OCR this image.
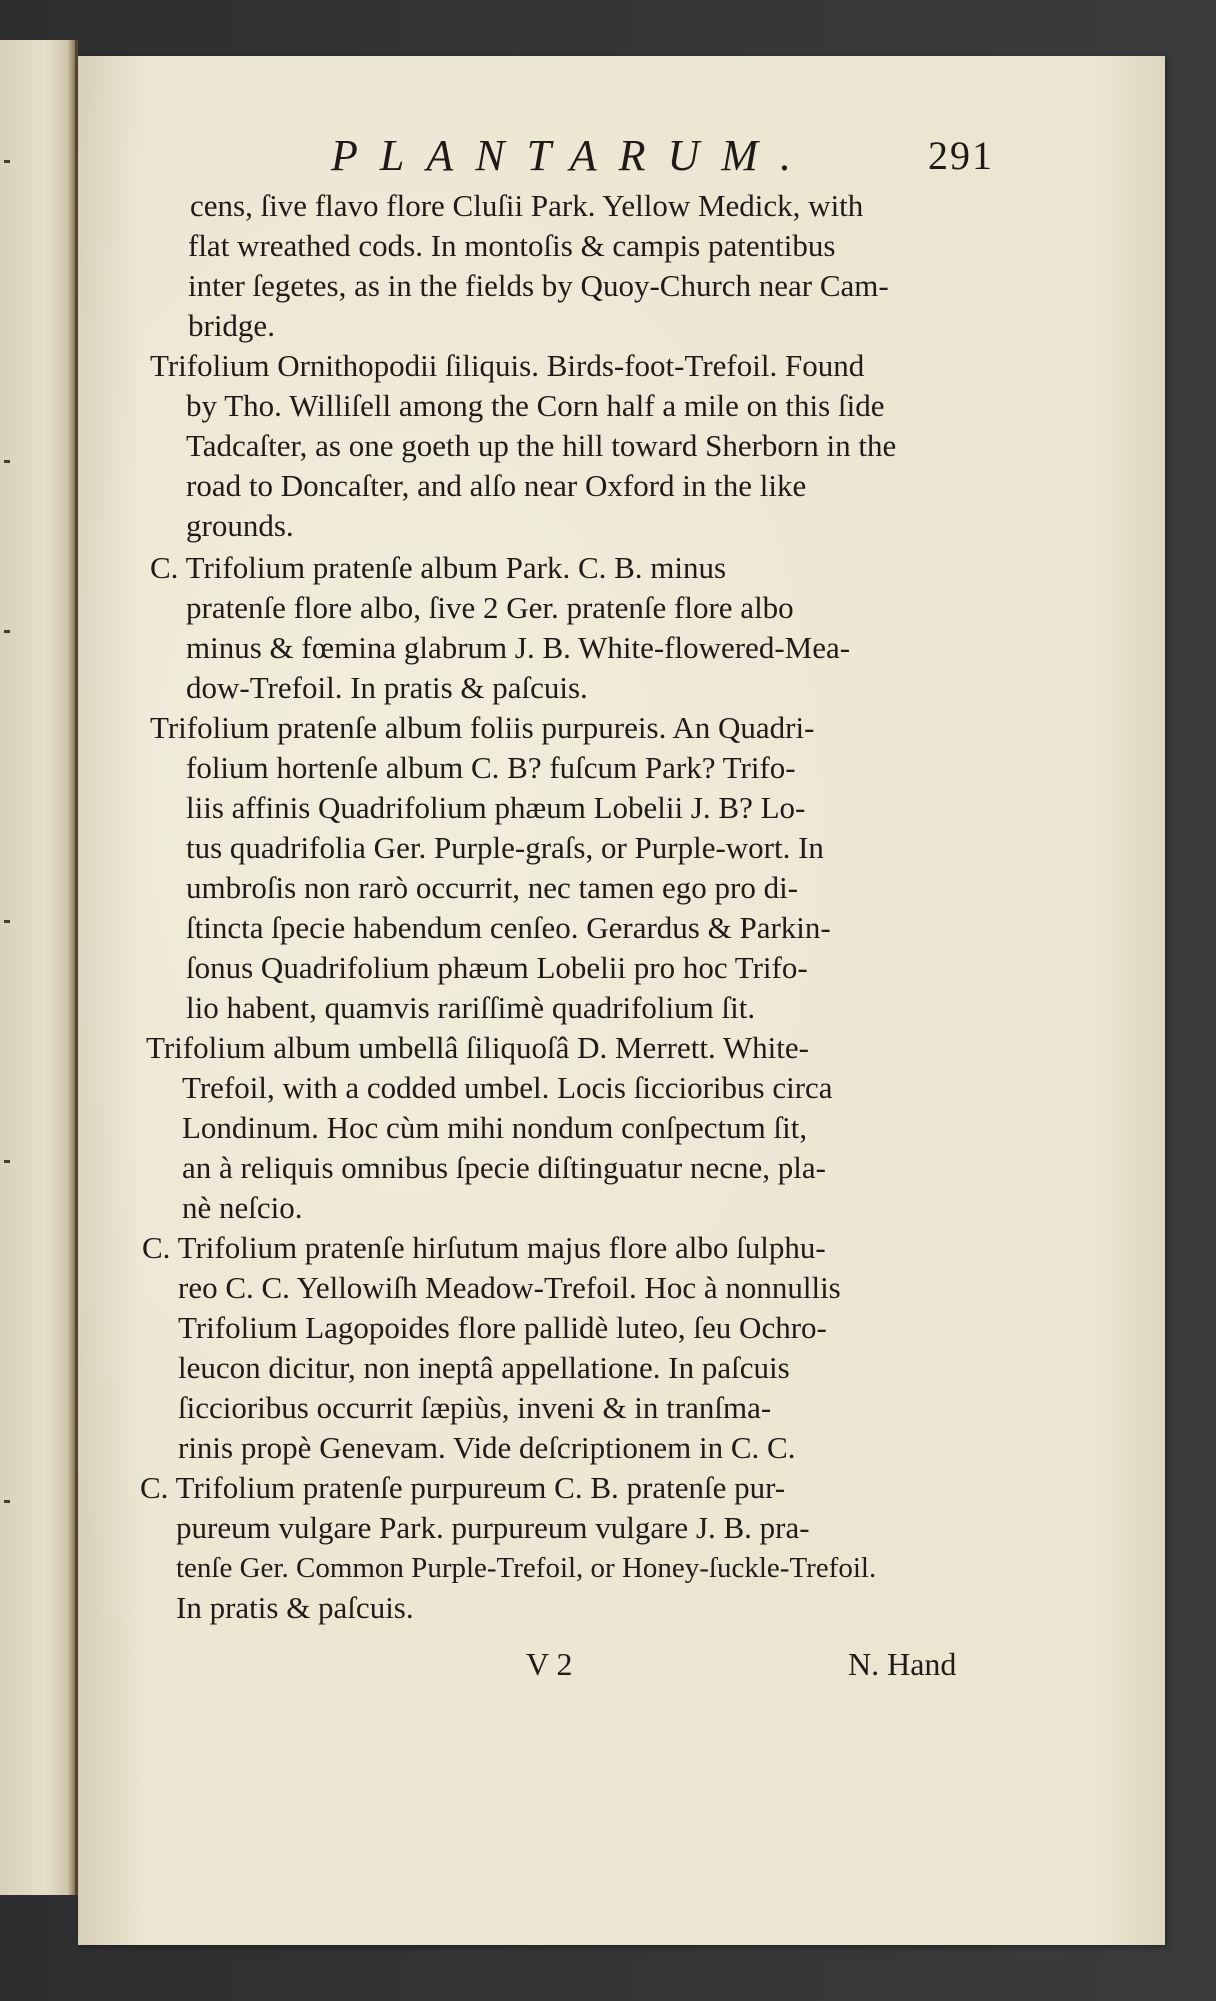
PLANTARUM.	291
cens, ſive flavo flore Cluſii Park. Yellow Medick, with
flat wreathed cods. In montoſis & campis patentibus
inter ſegetes, as in the fields by Quoy-Church near Cam-
bridge.
Trifolium Ornithopodii ſiliquis. Birds-foot-Trefoil. Found
by Tho. Williſell among the Corn half a mile on this ſide
Tadcaſter, as one goeth up the hill toward Sherborn in the
road to Doncaſter, and alſo near Oxford in the like
grounds.
C. Trifolium pratenſe album Park. C. B. minus
pratenſe flore albo, ſive 2 Ger. pratenſe flore albo
minus & fœmina glabrum J. B. White-flowered-Mea-
dow-Trefoil. In pratis & paſcuis.
Trifolium pratenſe album foliis purpureis. An Quadri-
folium hortenſe album C. B? fuſcum Park? Trifo-
liis affinis Quadrifolium phæum Lobelii J. B? Lo-
tus quadrifolia Ger. Purple-graſs, or Purple-wort. In
umbroſis non rarò occurrit, nec tamen ego pro di-
ſtincta ſpecie habendum cenſeo. Gerardus & Parkin-
ſonus Quadrifolium phæum Lobelii pro hoc Trifo-
lio habent, quamvis rariſſimè quadrifolium ſit.
Trifolium album umbellâ ſiliquoſâ D. Merrett. White-
Trefoil, with a codded umbel. Locis ſiccioribus circa
Londinum. Hoc cùm mihi nondum conſpectum ſit,
an à reliquis omnibus ſpecie diſtinguatur necne, pla-
nè neſcio.
C. Trifolium pratenſe hirſutum majus flore albo ſulphu-
reo C. C. Yellowiſh Meadow-Trefoil. Hoc à nonnullis
Trifolium Lagopoides flore pallidè luteo, ſeu Ochro-
leucon dicitur, non ineptâ appellatione. In paſcuis
ſiccioribus occurrit ſæpiùs, inveni & in tranſma-
rinis propè Genevam. Vide deſcriptionem in C. C.
C. Trifolium pratenſe purpureum C. B. pratenſe pur-
pureum vulgare Park. purpureum vulgare J. B. pra-
tenſe Ger. Common Purple-Trefoil, or Honey-ſuckle-Trefoil.
In pratis & paſcuis.
V 2	N. Hand
